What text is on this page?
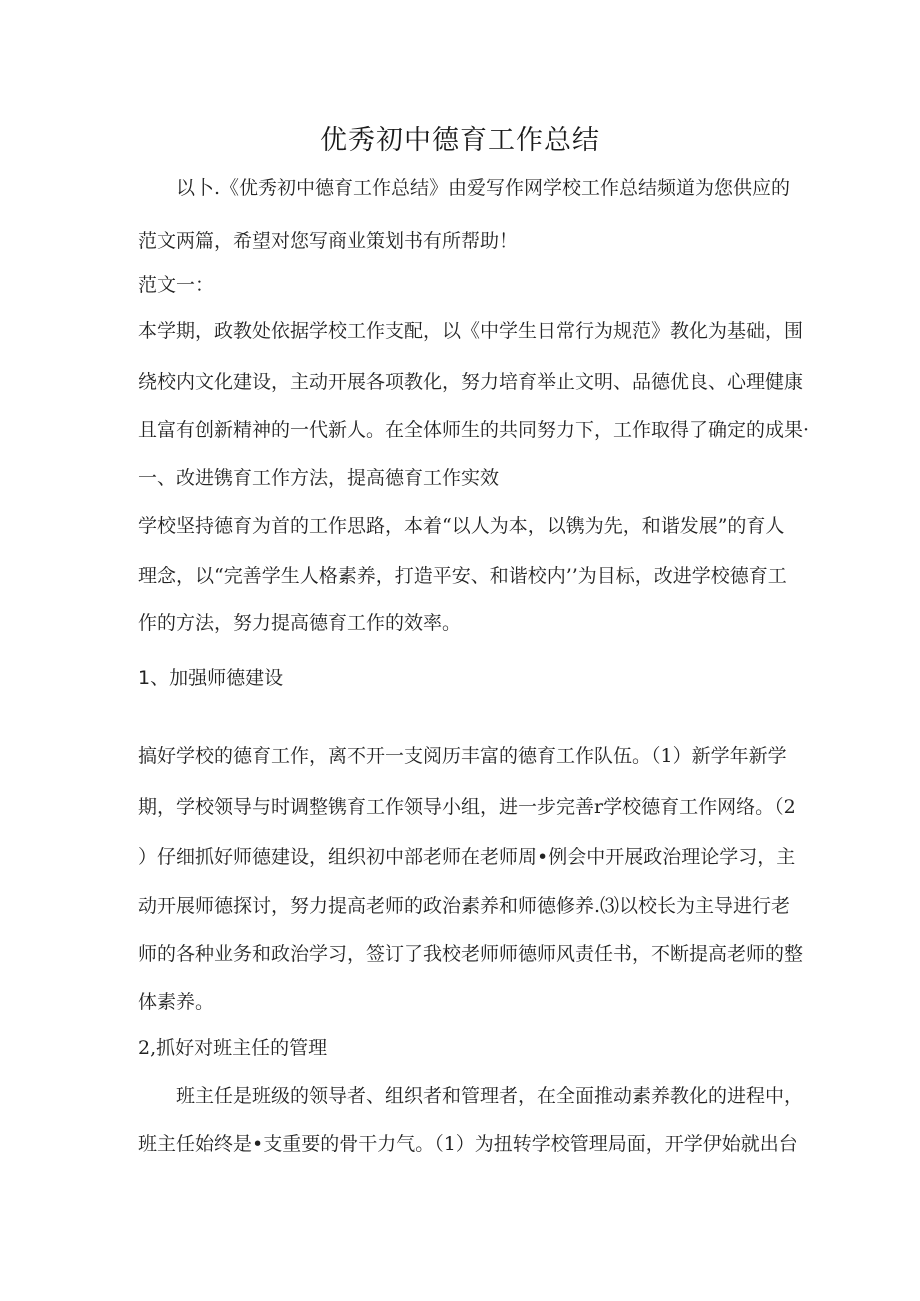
优秀初中德育工作总结
以卜.《优秀初中德育工作总结》由爱写作网学校工作总结频道为您供应的
范文两篇，希望对您写商业策划书有所帮助！
范文一：
本学期，政教处依据学校工作支配，以《中学生日常行为规范》教化为基础，围
绕校内文化建设，主动开展各项教化，努力培育举止文明、品德优良、心理健康
且富有创新精神的一代新人。在全体师生的共同努力下，工作取得了确定的成果·
一、改进镌育工作方法，提高德育工作实效
学校坚持德育为首的工作思路，本着“以人为本，以镌为先，和谐发展”的育人
理念，以“完善学生人格素养，打造平安、和谐校内’’为目标，改进学校德育工
作的方法，努力提高德育工作的效率。
1、加强师德建设
搞好学校的德育工作，离不开一支阅历丰富的德育工作队伍。（1）新学年新学
期，学校领导与时调整镌育工作领导小组，进一步完善r学校德育工作网络。（2
）仔细抓好师德建设，组织初中部老师在老师周•例会中开展政治理论学习，主
动开展师德探讨，努力提高老师的政治素养和师德修养.⑶以校长为主导进行老
师的各种业务和政治学习，签订了我校老师师德师风责任书，不断提高老师的整
体素养。
2,抓好对班主任的管理
班主任是班级的领导者、组织者和管理者，在全面推动素养教化的进程中，
班主任始终是•支重要的骨干力气。（1）为扭转学校管理局面，开学伊始就出台
